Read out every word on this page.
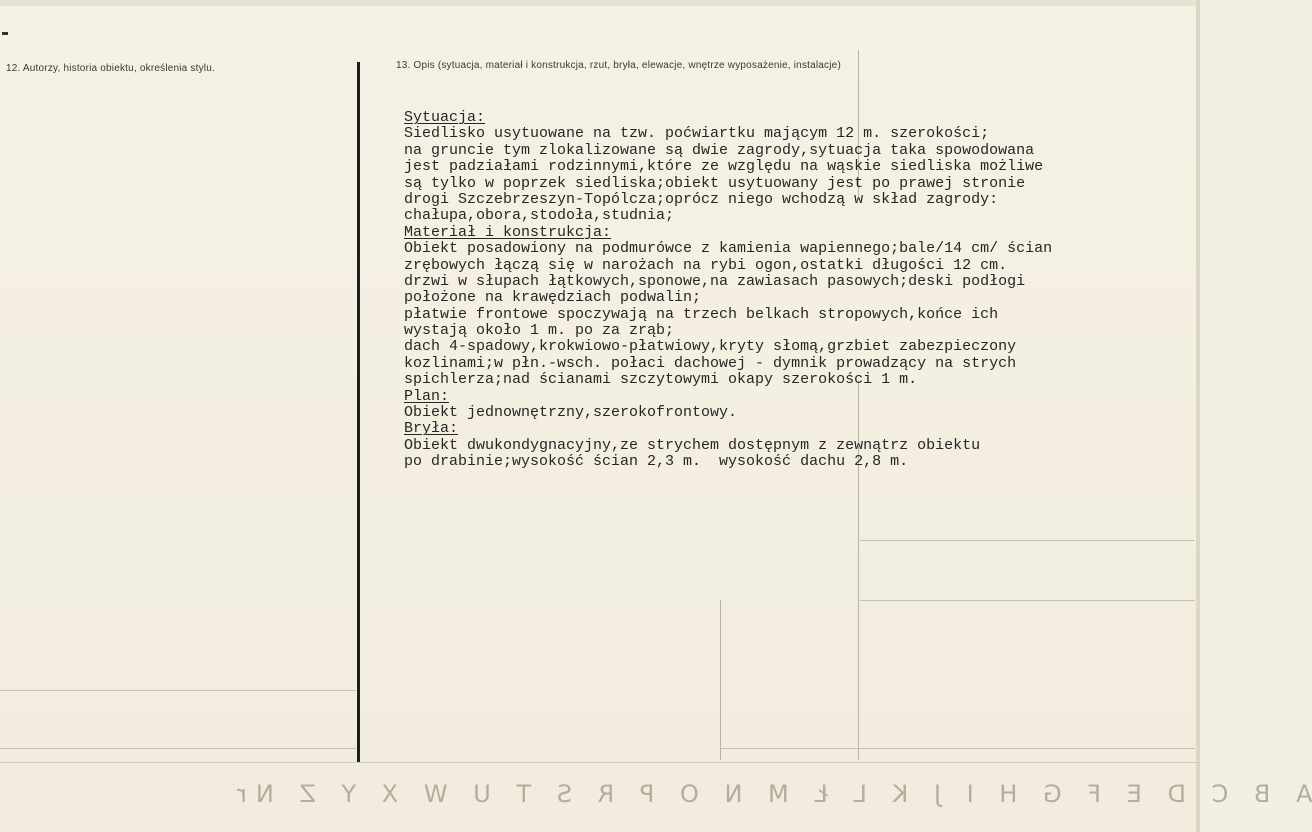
12. Autorzy, historia obiektu, określenia stylu.	13. Opis (sytuacja, materiał i konstrukcja, rzut, bryła, elewacje, wnętrze wyposażenie, instalacje)
Sytuacja:
Siedlisko usytuowane na tzw. poćwiartku mającym 12 m. szerokości;
na gruncie tym zlokalizowane są dwie zagrody,sytuacja taka spowodowana
jest padziałami rodzinnymi,które ze względu na wąskie siedliska możliwe
są tylko w poprzek siedliska;obiekt usytuowany jest po prawej stronie
drogi Szczebrzeszyn-Topólcza;oprócz niego wchodzą w skład zagrody:
chałupa,obora,stodoła,studnia;
Materiał i konstrukcja:
Obiekt posadowiony na podmurówce z kamienia wapiennego;bale/14 cm/ ścian
zrębowych łączą się w narożach na rybi ogon,ostatki długości 12 cm.
drzwi w słupach łątkowych,sponowe,na zawiasach pasowych;deski podłogi
położone na krawędziach podwalin;
płatwie frontowe spoczywają na trzech belkach stropowych,końce ich
wystają około 1 m. po za zrąb;
dach 4-spadowy,krokwiowo-płatwiowy,kryty słomą,grzbiet zabezpieczony
kozlinami;w płn.-wsch. połaci dachowej - dymnik prowadzący na strych
spichlerza;nad ścianami szczytowymi okapy szerokości 1 m.
Plan:
Obiekt jednownętrzny,szerokofrontowy.
Bryła:
Obiekt dwukondygnacyjny,ze strychem dostępnym z zewnątrz obiektu
po drabinie;wysokość ścian 2,3 m.  wysokość dachu 2,8 m.
A B C D E F G H I J K L Ł M N O P R S T U W X Y Z Nr
